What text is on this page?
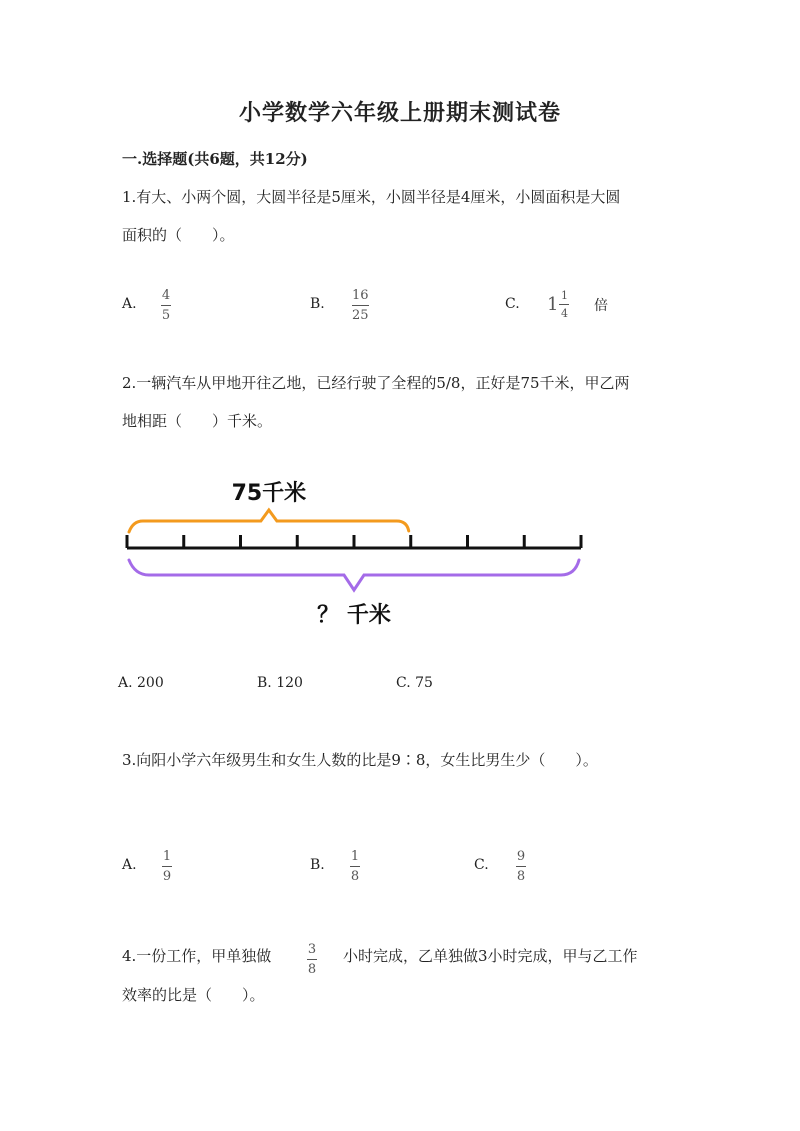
小学数学六年级上册期末测试卷
一.选择题(共6题，共12分)
1.有大、小两个圆，大圆半径是5厘米，小圆半径是4厘米，小圆面积是大圆
面积的（　　）。
A.
4
5
B.
16
25
C. $1 \frac{1}{4}$ 倍
2.一辆汽车从甲地开往乙地，已经行驶了全程的5/8，正好是75千米，甲乙两
地相距（　　）千米。
75千米
？ 千米
A. 200	B. 120	C. 75
3.向阳小学六年级男生和女生人数的比是9∶8，女生比男生少（　　）。
A.
1
9
B.
1
8
C.
9
8
4.一份工作，甲单独做	3
8
小时完成，乙单独做3小时完成，甲与乙工作
效率的比是（　　）。
